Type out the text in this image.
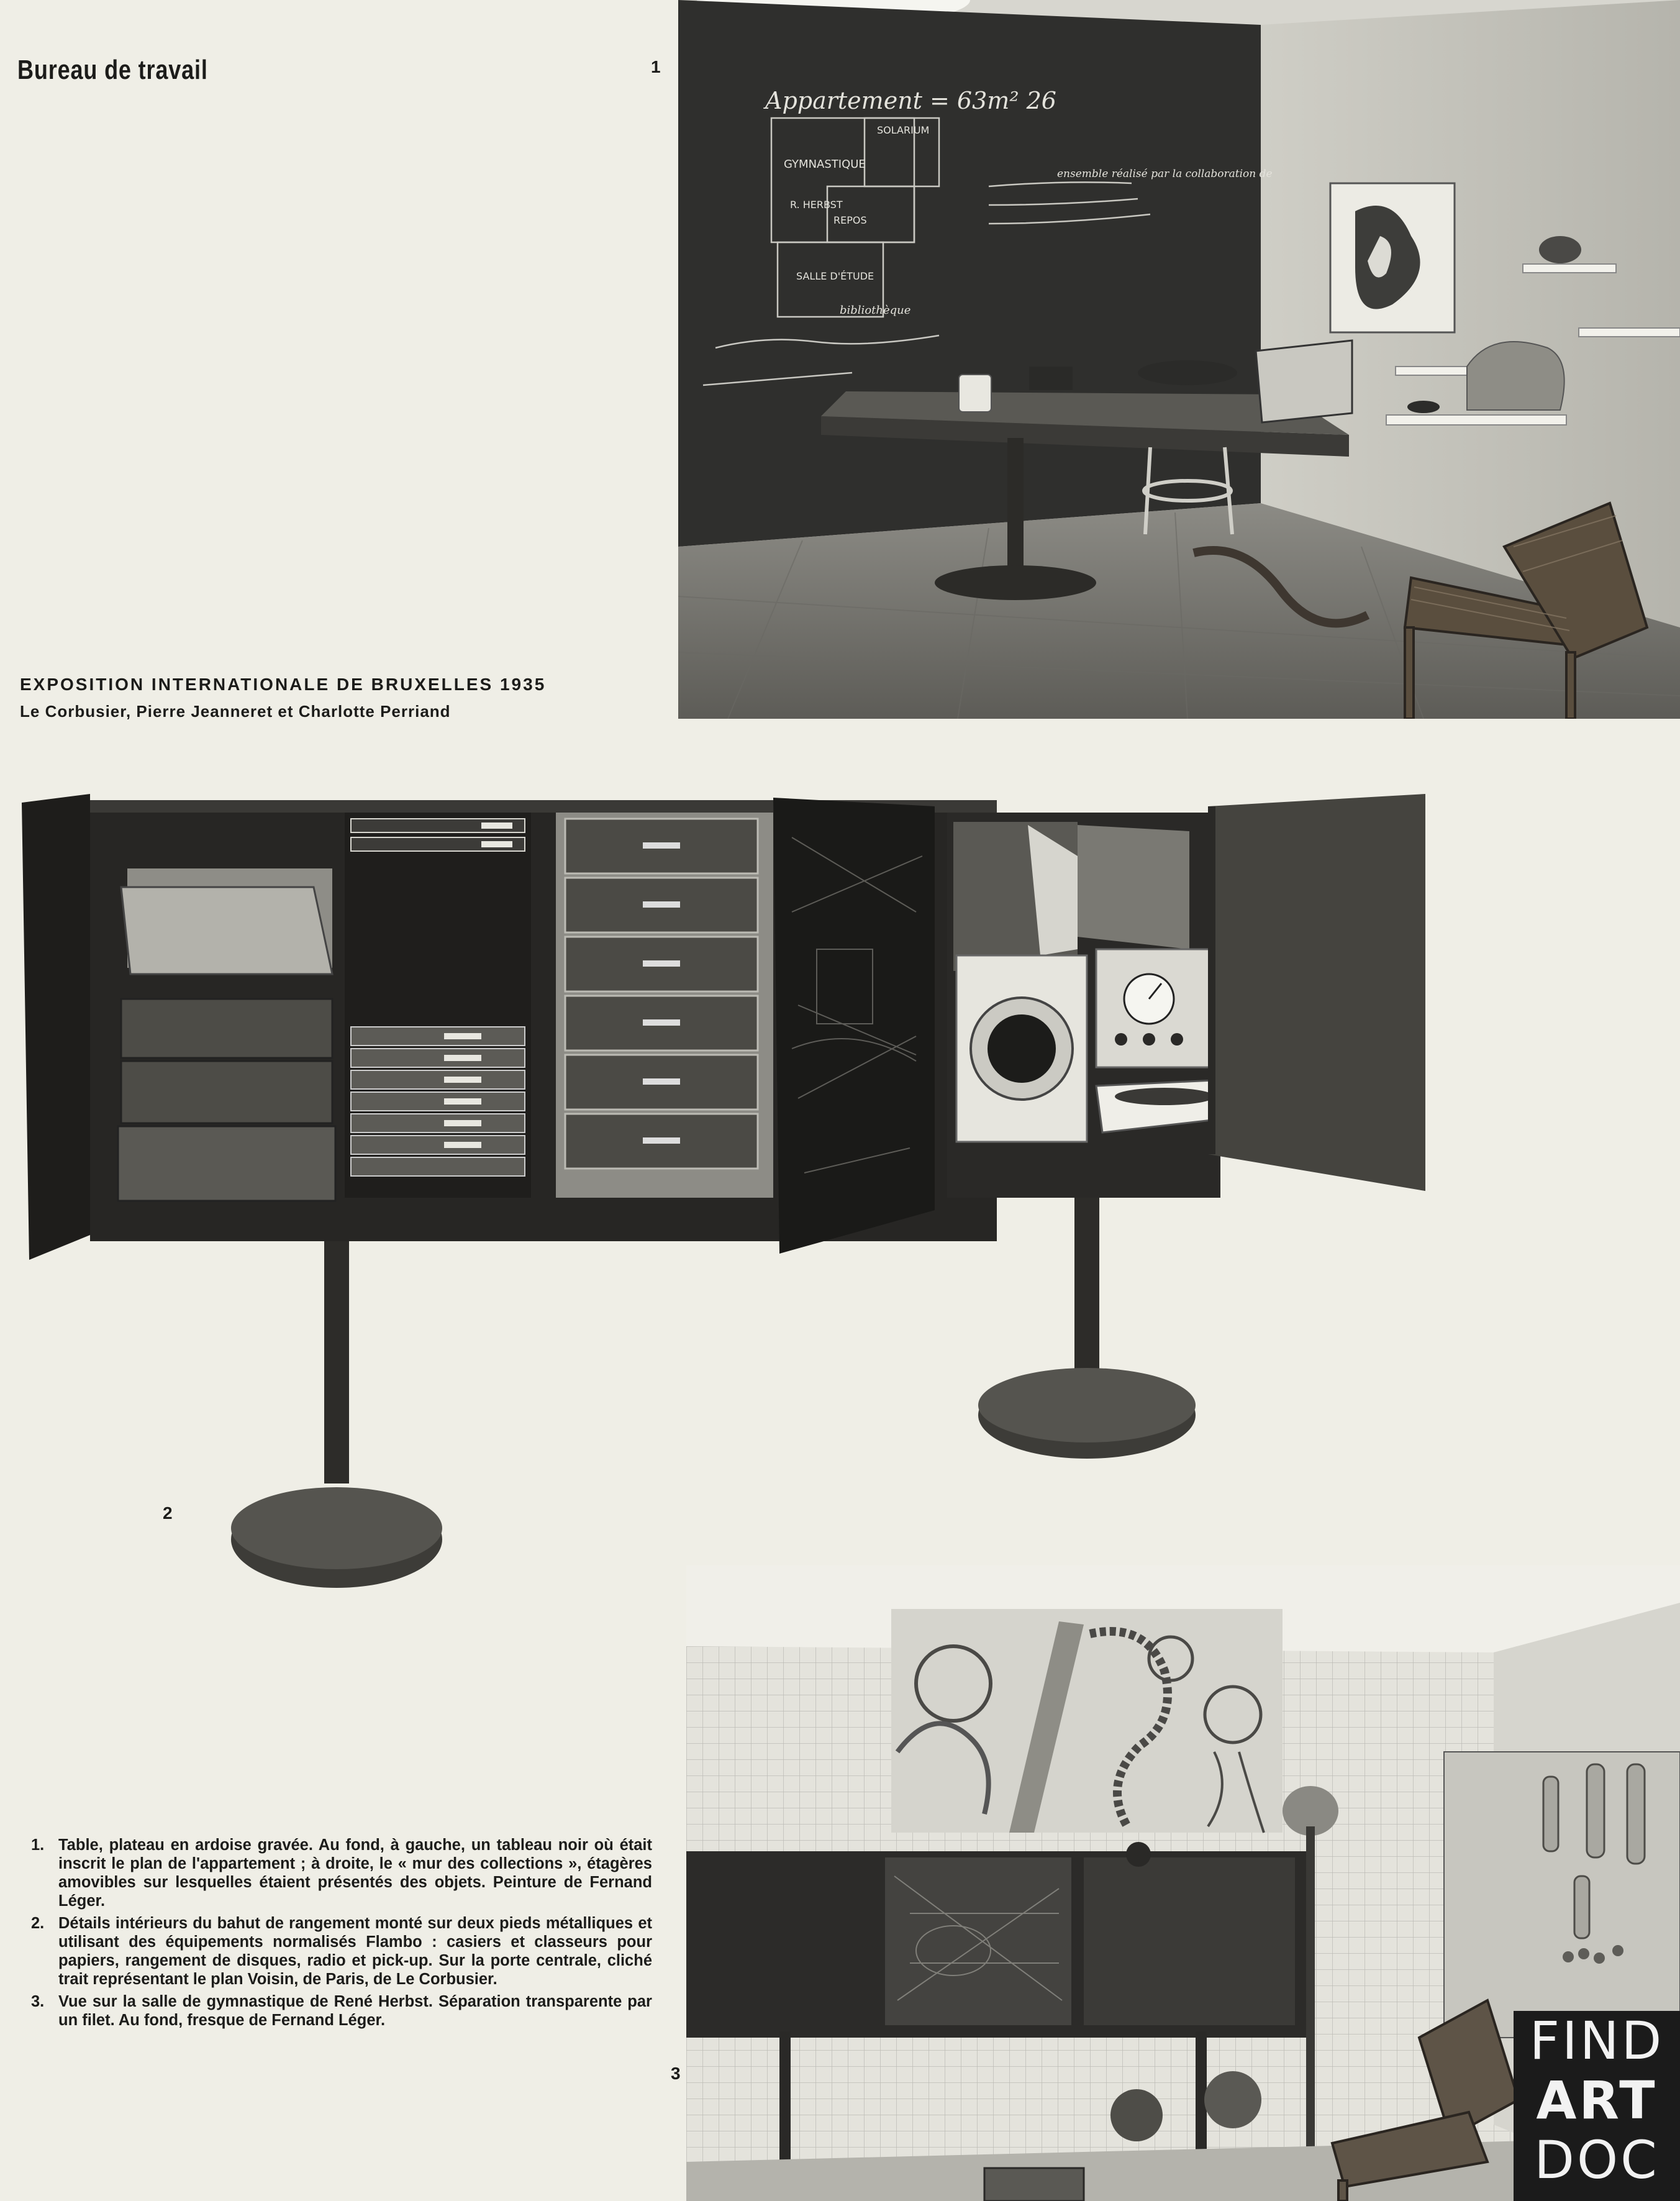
Bureau de travail	1
Appartement = 63m² 26
GYMNASTIQUE
SOLARIUM
R. HERBST
REPOS
SALLE D'ÉTUDE
bibliothèque
ensemble réalisé par la collaboration de
EXPOSITION INTERNATIONALE DE BRUXELLES 1935
Le Corbusier, Pierre Jeanneret et Charlotte Perriand
2
3

1. Table, plateau en ardoise gravée. Au fond, à gauche, un tableau noir où était inscrit le plan de l'appartement ; à droite, le « mur des collections », étagères amovibles sur lesquelles étaient présentés des objets. Peinture de Fernand Léger.

2. Détails intérieurs du bahut de rangement monté sur deux pieds métalliques et utilisant des équipements normalisés Flambo : casiers et classeurs pour papiers, rangement de disques, radio et pick-up. Sur la porte centrale, cliché trait représentant le plan Voisin, de Paris, de Le Corbusier.

3. Vue sur la salle de gymnastique de René Herbst. Séparation transparente par un filet. Au fond, fresque de Fernand Léger.	FIND
ART
DOC
